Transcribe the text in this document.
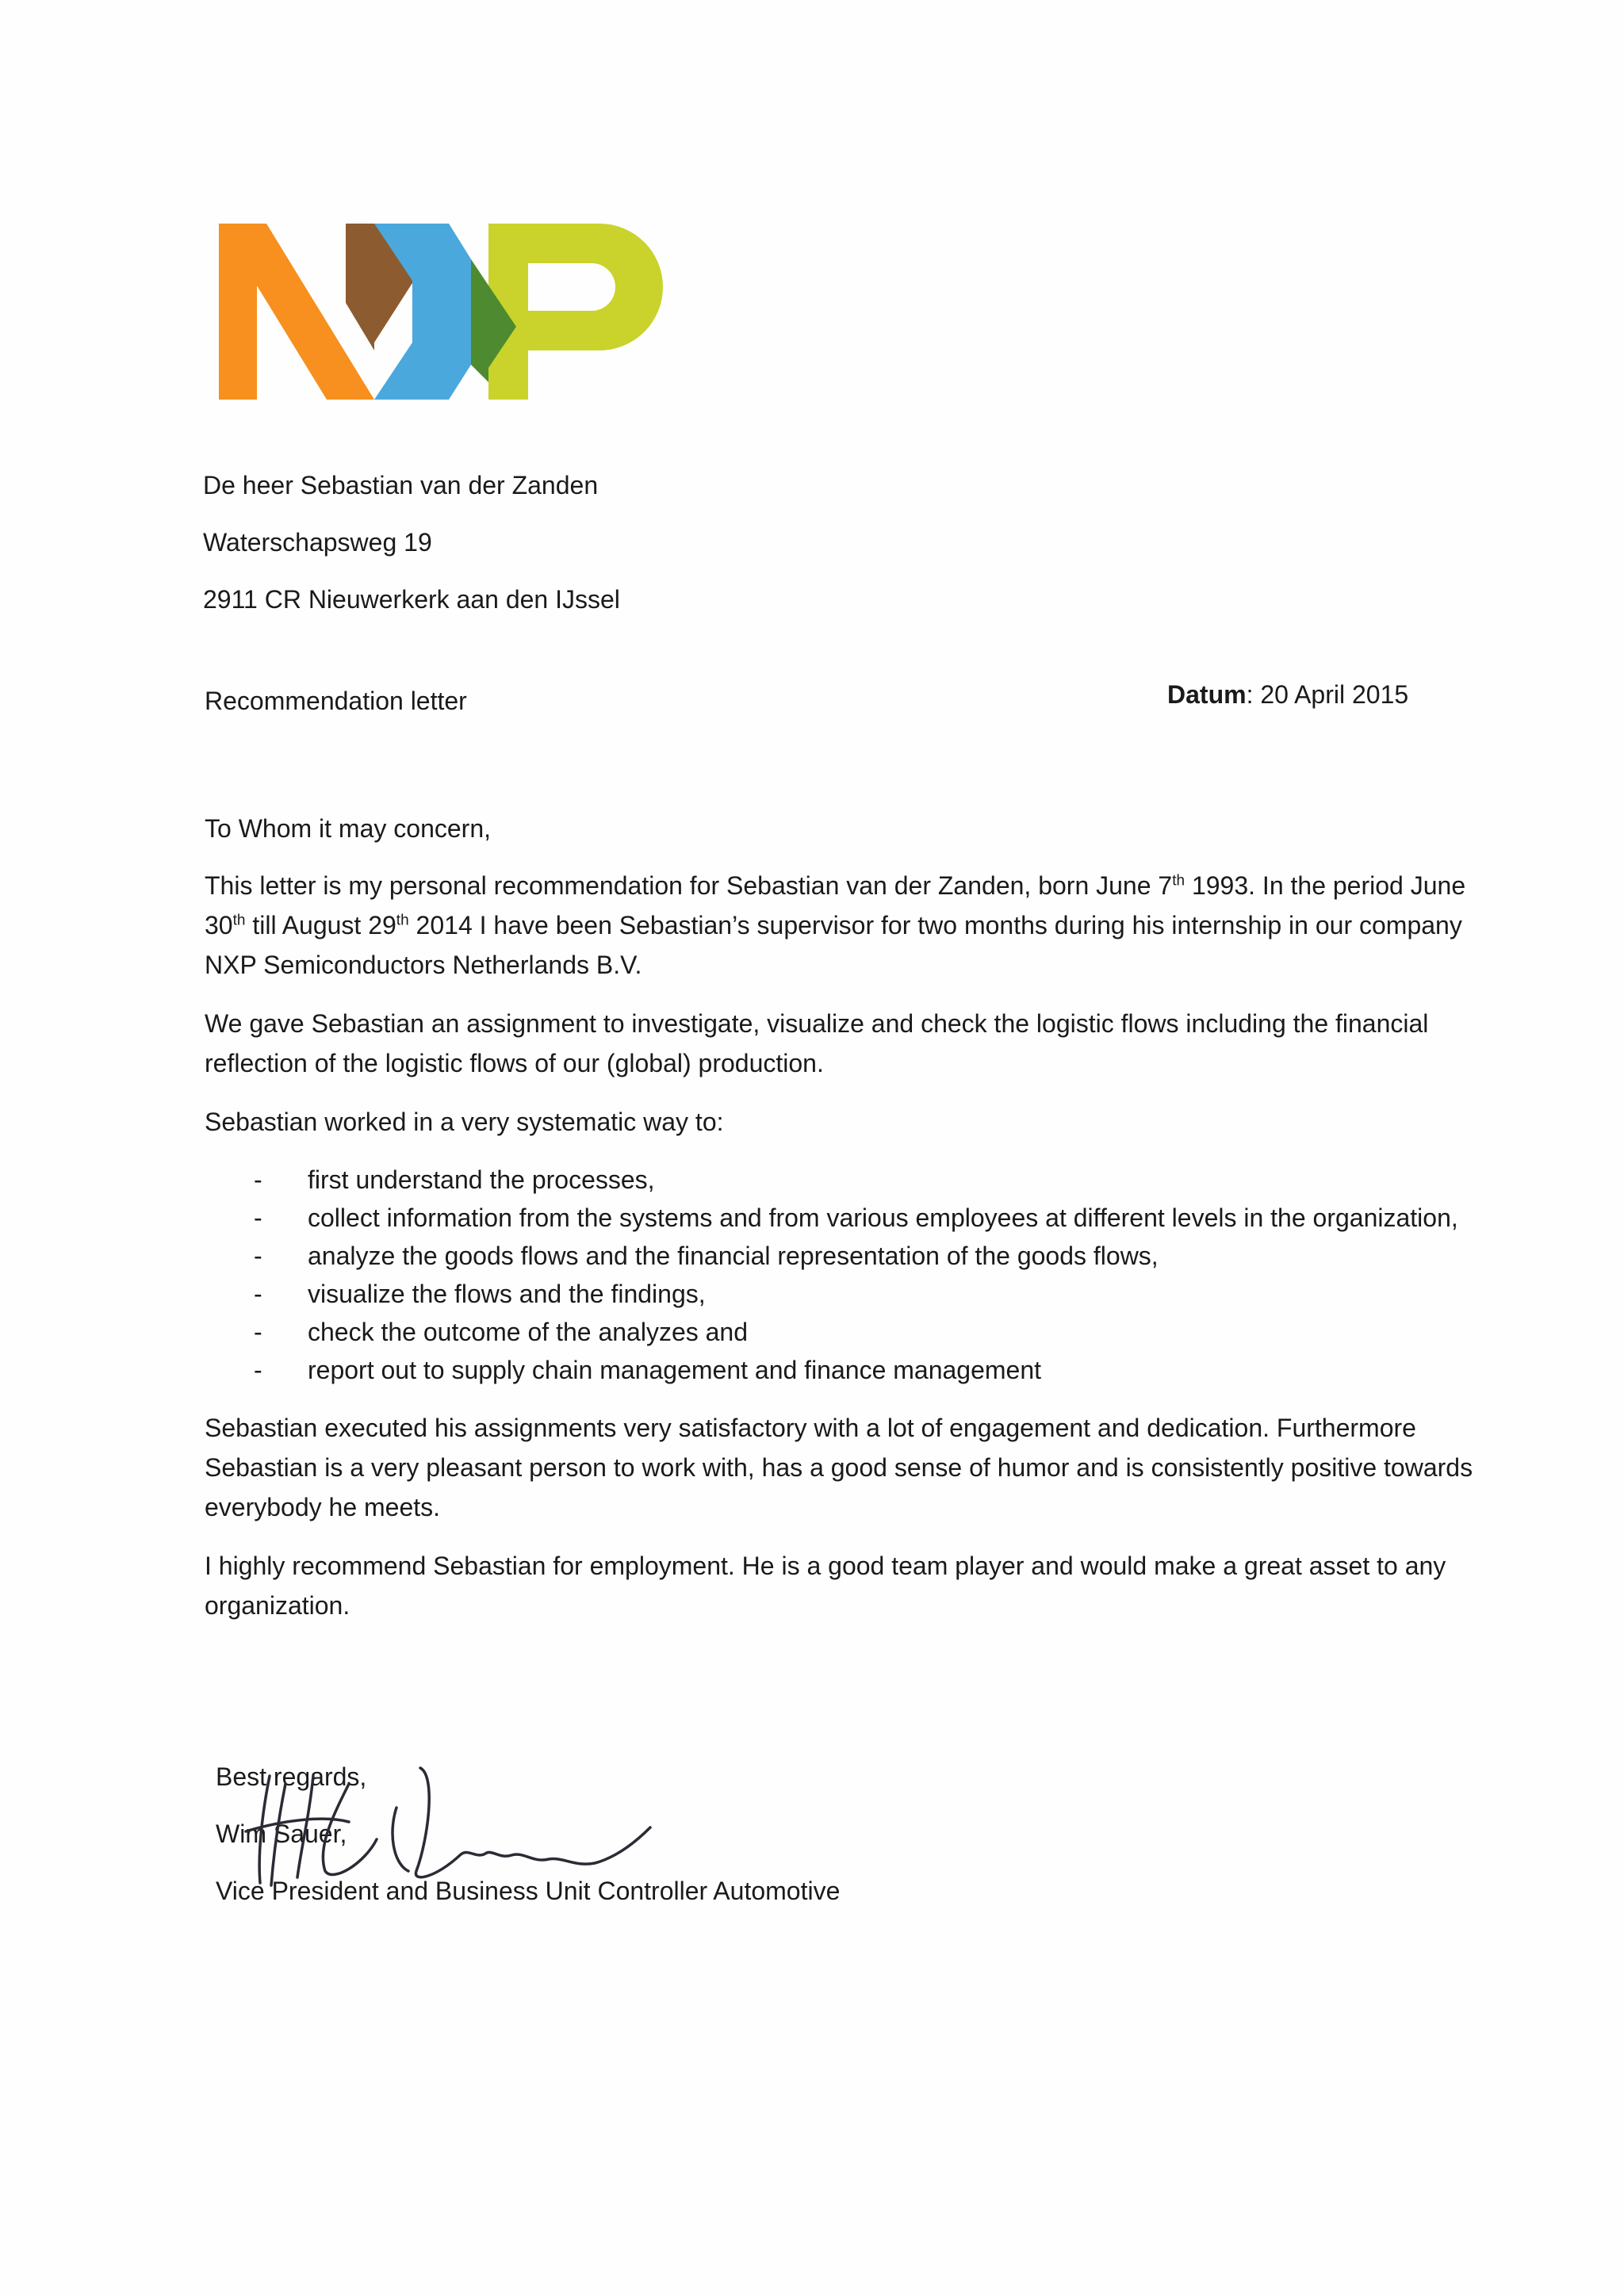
De heer Sebastian van der Zanden
Waterschapsweg 19
2911 CR Nieuwerkerk aan den IJssel
Recommendation letter	Datum: 20 April 2015

To Whom it may concern,

This letter is my personal recommendation for Sebastian van der Zanden, born June 7th 1993. In the period June 30th till August 29th 2014 I have been Sebastian’s supervisor for two months during his internship in our company NXP Semiconductors Netherlands B.V.

We gave Sebastian an assignment to investigate, visualize and check the logistic flows including the financial reflection of the logistic flows of our (global) production.

Sebastian worked in a very systematic way to:

- first understand the processes,
- collect information from the systems and from various employees at different levels in the organization,
- analyze the goods flows and the financial representation of the goods flows,
- visualize the flows and the findings,
- check the outcome of the analyzes and
- report out to supply chain management and finance management

Sebastian executed his assignments very satisfactory with a lot of engagement and dedication. Furthermore Sebastian is a very pleasant person to work with, has a good sense of humor and is consistently positive towards everybody he meets.

I highly recommend Sebastian for employment. He is a good team player and would make a great asset to any organization.

Best regards,
Wim Sauer,
Vice President and Business Unit Controller Automotive
